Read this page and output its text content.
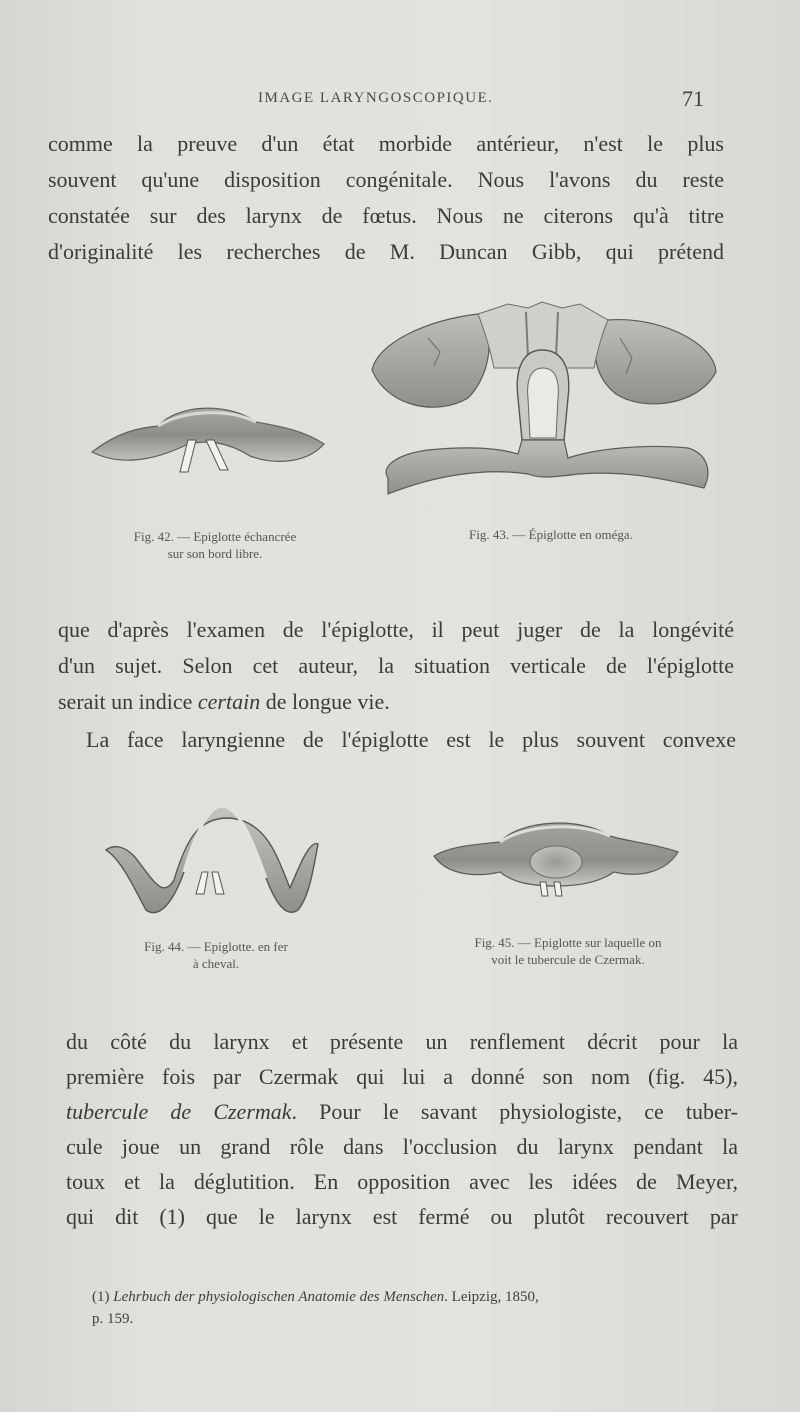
IMAGE LARYNGOSCOPIQUE.	71

comme la preuve d'un état morbide antérieur, n'est le plus
souvent qu'une disposition congénitale. Nous l'avons du reste
constatée sur des larynx de fœtus. Nous ne citerons qu'à titre
d'originalité les recherches de M. Duncan Gibb, qui prétend

Fig. 42. — Epiglotte échancrée
sur son bord libre.
Fig. 43. — Épiglotte en oméga.

que d'après l'examen de l'épiglotte, il peut juger de la longévité
d'un sujet. Selon cet auteur, la situation verticale de l'épiglotte
serait un indice certain de longue vie.

La face laryngienne de l'épiglotte est le plus souvent convexe

Fig. 44. — Epiglotte. en fer
à cheval.
Fig. 45. — Epiglotte sur laquelle on
voit le tubercule de Czermak.

du côté du larynx et présente un renflement décrit pour la
première fois par Czermak qui lui a donné son nom (fig. 45),
tubercule de Czermak. Pour le savant physiologiste, ce tuber-
cule joue un grand rôle dans l'occlusion du larynx pendant la
toux et la déglutition. En opposition avec les idées de Meyer,
qui dit (1) que le larynx est fermé ou plutôt recouvert par

(1) Lehrbuch der physiologischen Anatomie des Menschen. Leipzig, 1850,
p. 159.
